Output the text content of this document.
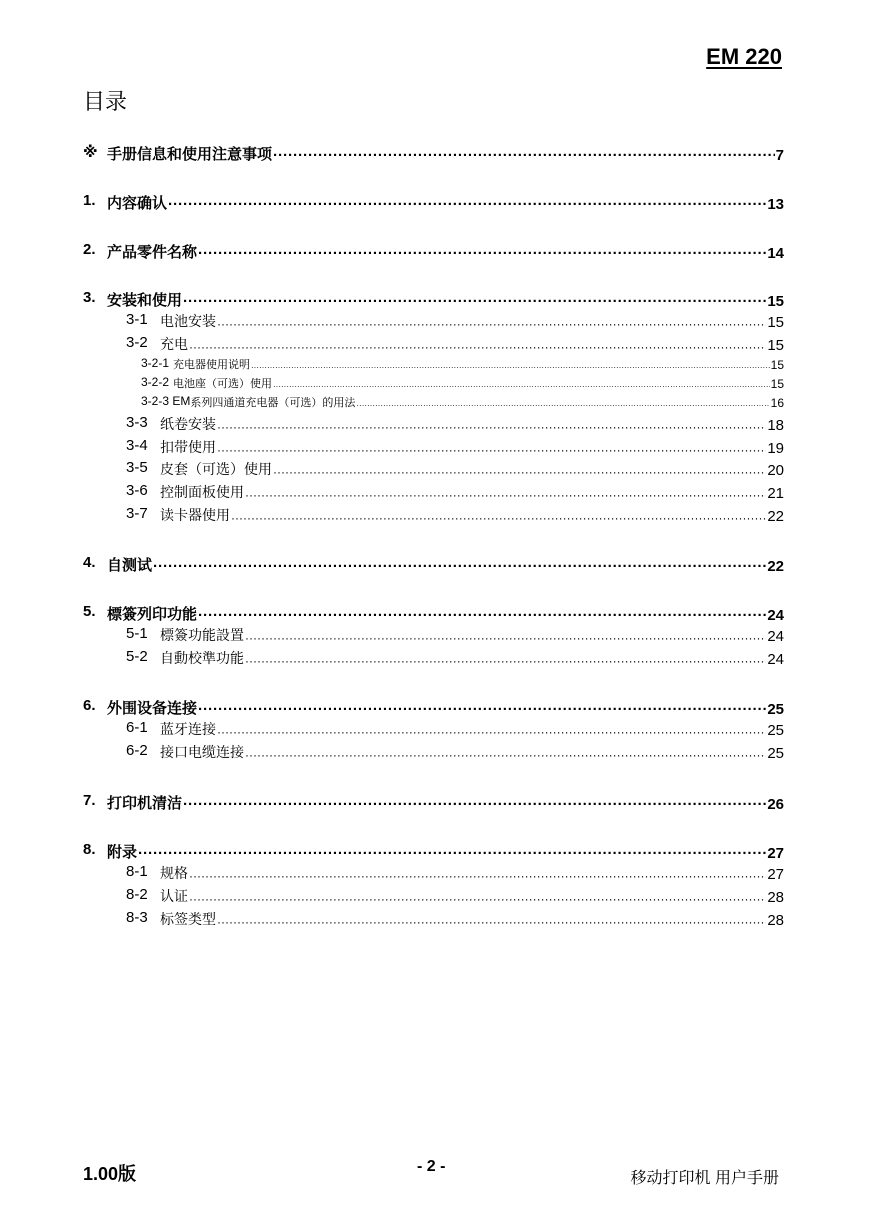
EM 220
目录
※ 手册信息和使用注意事项 ·····	7
1. 内容确认 ·····	13
2. 产品零件名称 ·····	14
3. 安装和使用 ·····	15
3-1 电池安装 ·····	15
3-2 充电 ·····	15
3-2-1 充电器使用说明 ·····	15
3-2-2 电池座（可选）使用 ·····	15
3-2-3 EM 系列四通道充电器（可选）的用法 ·····	16
3-3 纸卷安装 ·····	18
3-4 扣带使用 ·····	19
3-5 皮套（可选）使用 ·····	20
3-6 控制面板使用 ·····	21
3-7 读卡器使用 ·····	22
4. 自测试 ·····	22
5. 標簽列印功能 ·····	24
5-1 標簽功能設置 ·····	24
5-2 自動校準功能 ·····	24
6. 外围设备连接 ·····	25
6-1 蓝牙连接 ·····	25
6-2 接口电缆连接 ·····	25
7. 打印机清洁 ·····	26
8. 附录 ·····	27
8-1 规格 ·····	27
8-2 认证 ·····	28
8-3 标签类型 ·····	28
1.00版	- 2 -
移动打印机 用户手册
